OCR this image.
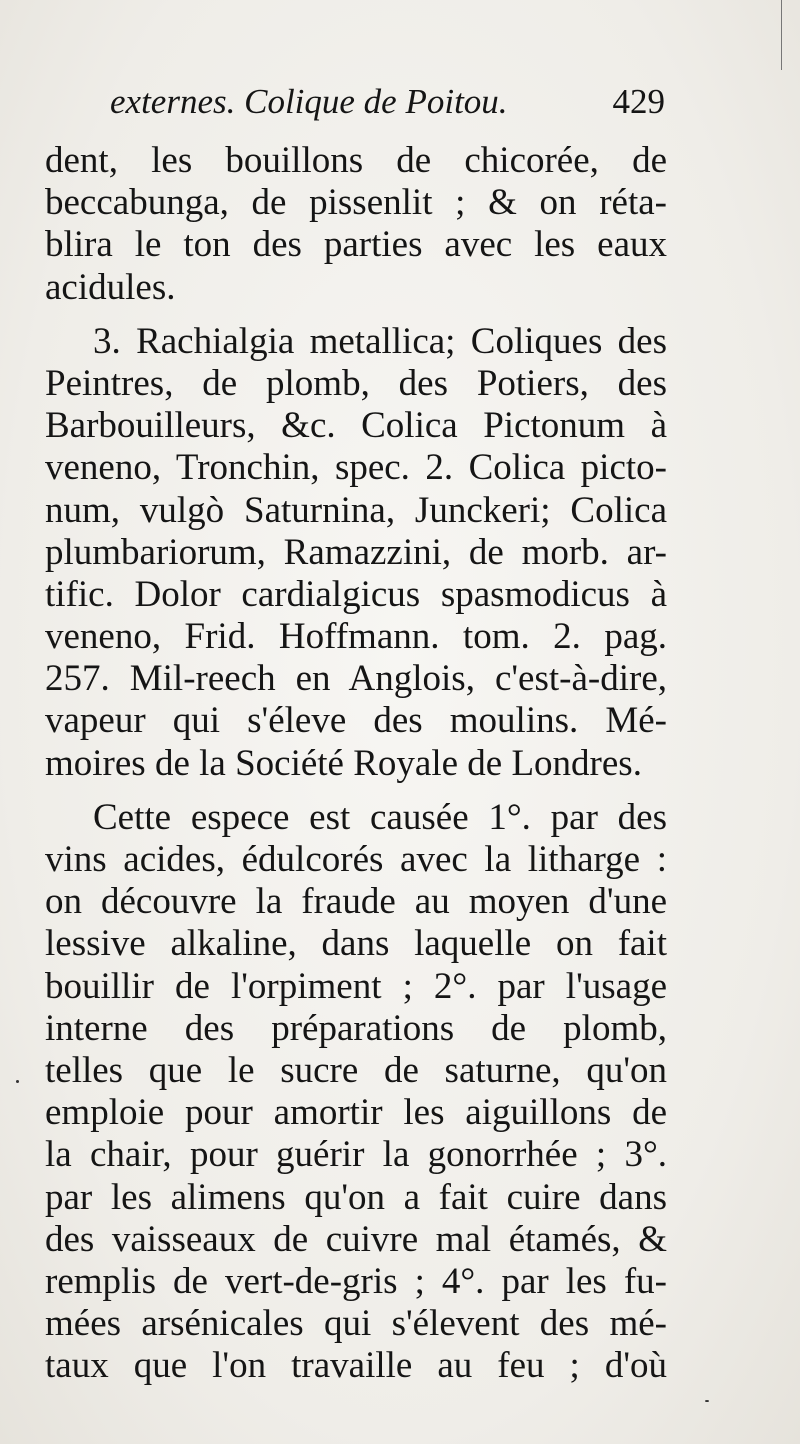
externes. Colique de Poitou.	429
dent, les bouillons de chicorée, de
beccabunga, de pissenlit ; & on réta-
blira le ton des parties avec les eaux
acidules.
3. Rachialgia metallica; Coliques des
Peintres, de plomb, des Potiers, des
Barbouilleurs, &c. Colica Pictonum à
veneno, Tronchin, spec. 2. Colica picto-
num, vulgò Saturnina, Junckeri; Colica
plumbariorum, Ramazzini, de morb. ar-
tific. Dolor cardialgicus spasmodicus à
veneno, Frid. Hoffmann. tom. 2. pag.
257. Mil-reech en Anglois, c'est-à-dire,
vapeur qui s'éleve des moulins. Mé-
moires de la Société Royale de Londres.
Cette espece est causée 1°. par des
vins acides, édulcorés avec la litharge :
on découvre la fraude au moyen d'une
lessive alkaline, dans laquelle on fait
bouillir de l'orpiment ; 2°. par l'usage
interne des préparations de plomb,
telles que le sucre de saturne, qu'on
emploie pour amortir les aiguillons de
la chair, pour guérir la gonorrhée ; 3°.
par les alimens qu'on a fait cuire dans
des vaisseaux de cuivre mal étamés, &
remplis de vert-de-gris ; 4°. par les fu-
mées arsénicales qui s'élevent des mé-
taux que l'on travaille au feu ; d'où
